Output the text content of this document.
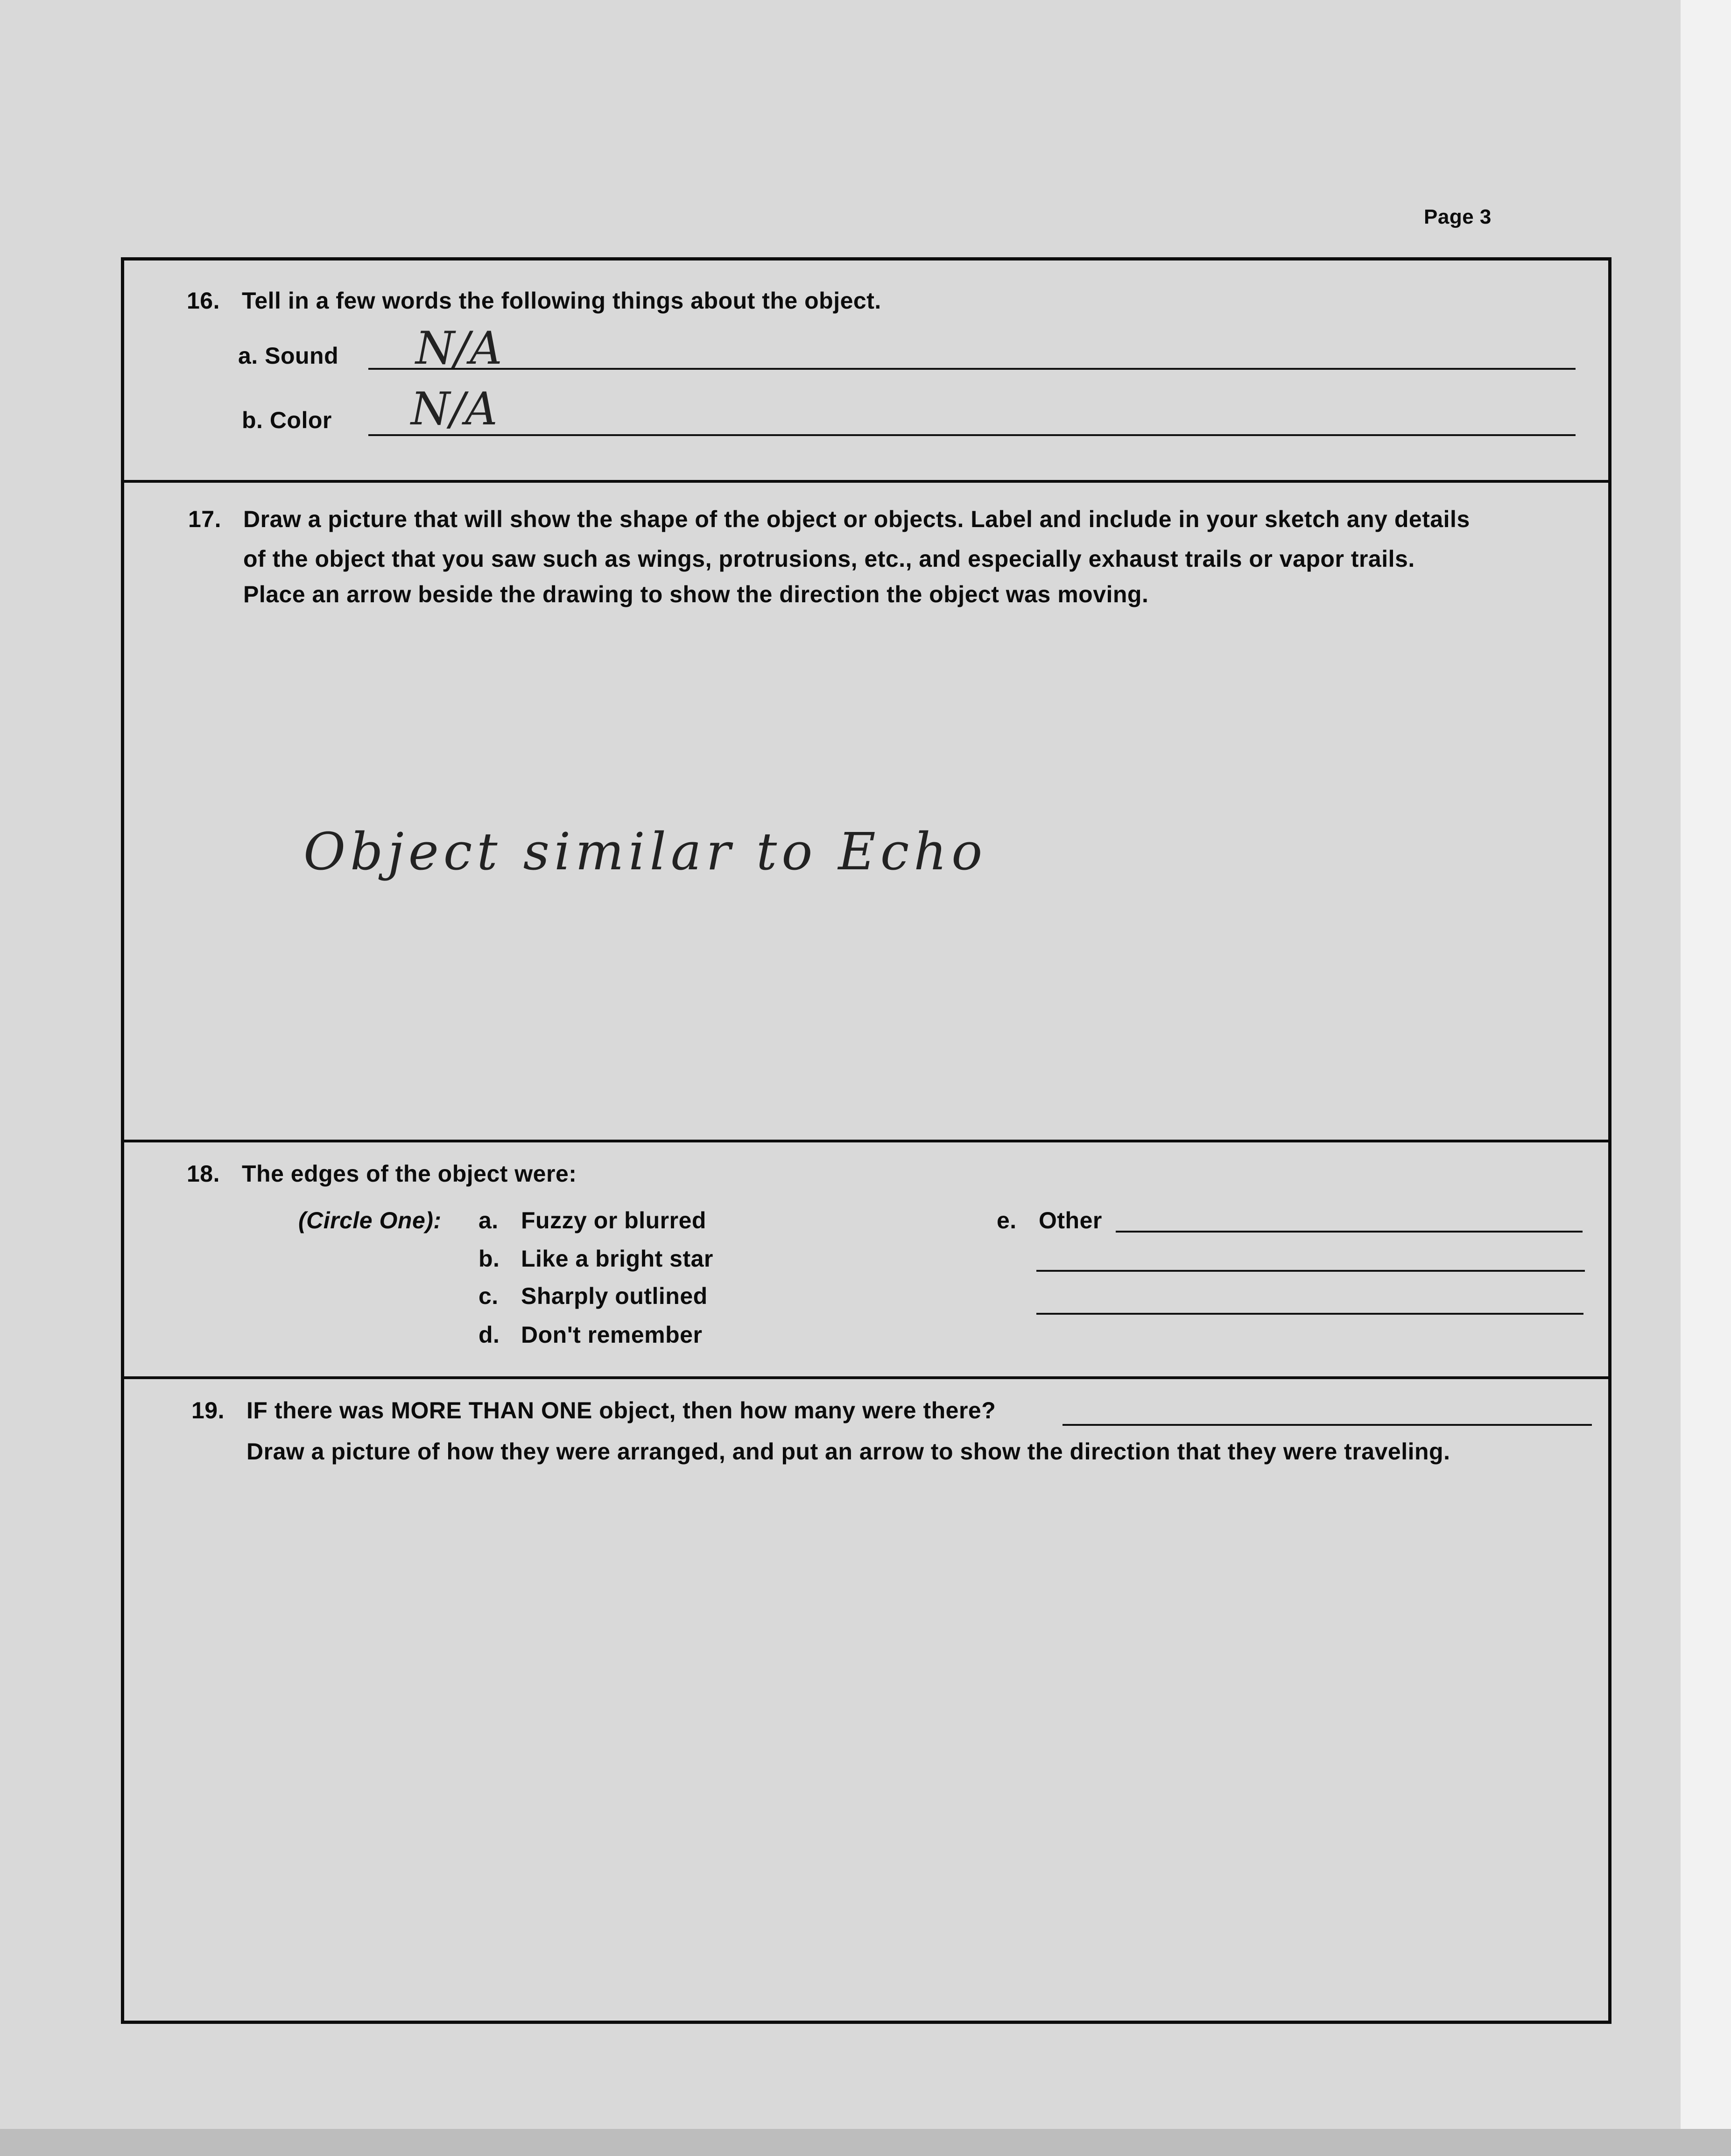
Page 3
16. Tell in a few words the following things about the object.
a. Sound N/A
b. Color N/A
17. Draw a picture that will show the shape of the object or objects. Label and include in your sketch any details
of the object that you saw such as wings, protrusions, etc., and especially exhaust trails or vapor trails.
Place an arrow beside the drawing to show the direction the object was moving.
Object similar to Echo
18. The edges of the object were:
(Circle One): a. Fuzzy or blurred
b. Like a bright star
c. Sharply outlined
d. Don't remember
e. Other
19. IF there was MORE THAN ONE object, then how many were there?
Draw a picture of how they were arranged, and put an arrow to show the direction that they were traveling.
